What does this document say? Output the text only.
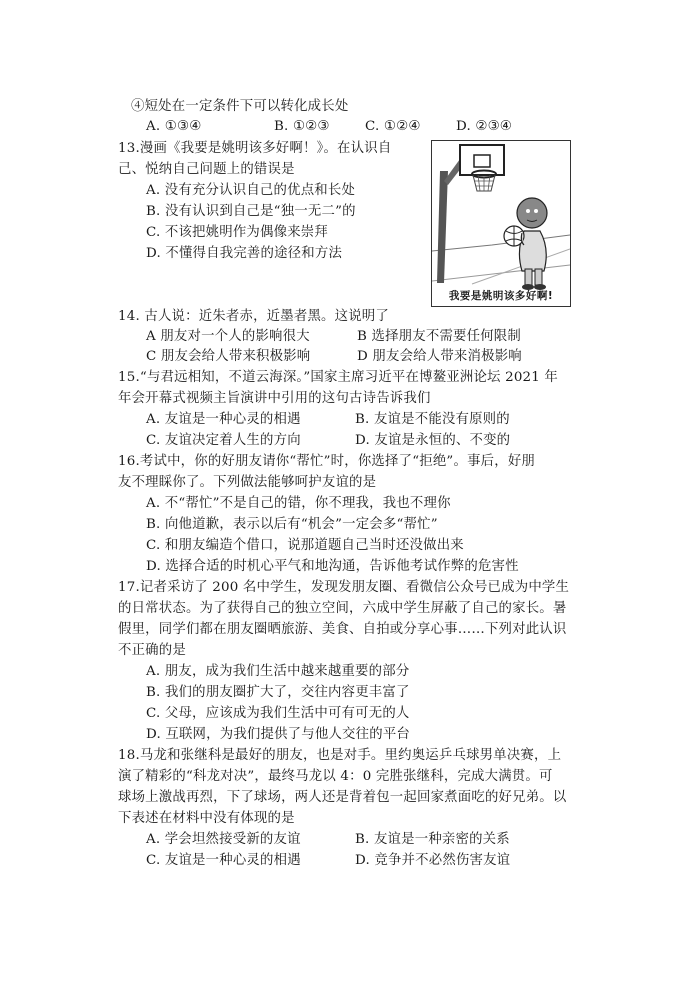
④短处在一定条件下可以转化成长处
A. ①③④	B. ①②③	C. ①②④	D. ②③④
13.漫画《我要是姚明该多好啊！》。在认识自
己、悦纳自己问题上的错误是
A. 没有充分认识自己的优点和长处
B. 没有认识到自己是“独一无二”的
C. 不该把姚明作为偶像来崇拜
D. 不懂得自我完善的途径和方法
我要是姚明该多好啊!
14. 古人说：近朱者赤，近墨者黑。这说明了
A 朋友对一个人的影响很大	B 选择朋友不需要任何限制
C 朋友会给人带来积极影响	D 朋友会给人带来消极影响
15.“与君远相知，不道云海深。”国家主席习近平在博鳌亚洲论坛 2021 年
年会开幕式视频主旨演讲中引用的这句古诗告诉我们
A. 友谊是一种心灵的相遇	B. 友谊是不能没有原则的
C. 友谊决定着人生的方向	D. 友谊是永恒的、不变的
16.考试中，你的好朋友请你“帮忙”时，你选择了“拒绝”。事后，好朋
友不理睬你了。下列做法能够呵护友谊的是
A. 不“帮忙”不是自己的错，你不理我，我也不理你
B. 向他道歉，表示以后有“机会”一定会多“帮忙”
C. 和朋友编造个借口，说那道题自己当时还没做出来
D. 选择合适的时机心平气和地沟通，告诉他考试作弊的危害性
17.记者采访了 200 名中学生，发现发朋友圈、看微信公众号已成为中学生
的日常状态。为了获得自己的独立空间，六成中学生屏蔽了自己的家长。暑
假里，同学们都在朋友圈晒旅游、美食、自拍或分享心事……下列对此认识
不正确的是
A. 朋友，成为我们生活中越来越重要的部分
B. 我们的朋友圈扩大了，交往内容更丰富了
C. 父母，应该成为我们生活中可有可无的人
D. 互联网，为我们提供了与他人交往的平台
18.马龙和张继科是最好的朋友，也是对手。里约奥运乒乓球男单决赛，上
演了精彩的“科龙对决”，最终马龙以 4：0 完胜张继科，完成大满贯。可
球场上激战再烈，下了球场，两人还是背着包一起回家煮面吃的好兄弟。以
下表述在材料中没有体现的是
A. 学会坦然接受新的友谊	B. 友谊是一种亲密的关系
C. 友谊是一种心灵的相遇	D. 竞争并不必然伤害友谊
